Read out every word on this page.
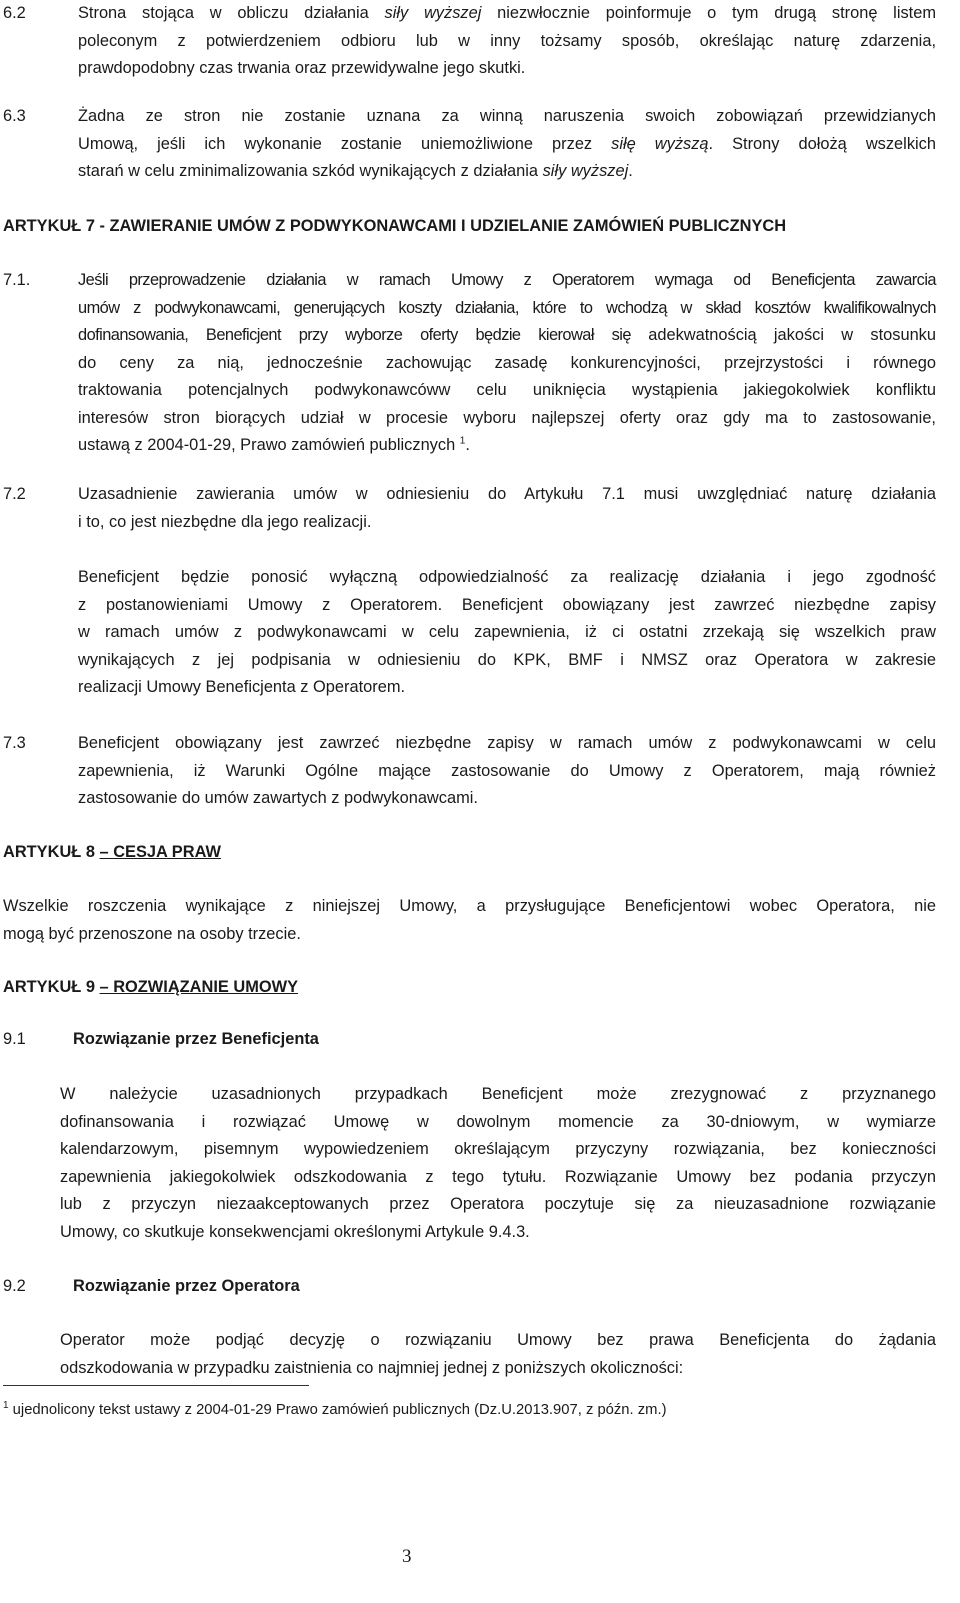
6.2	Strona stojąca w obliczu działania siły wyższej niezwłocznie poinformuje o tym drugą stronę listem
poleconym z potwierdzeniem odbioru lub w inny tożsamy sposób, określając naturę zdarzenia,
prawdopodobny czas trwania oraz przewidywalne jego skutki.
6.3	Żadna ze stron nie zostanie uznana za winną naruszenia swoich zobowiązań przewidzianych
Umową, jeśli ich wykonanie zostanie uniemożliwione przez siłę wyższą. Strony dołożą wszelkich
starań w celu zminimalizowania szkód wynikających z działania siły wyższej.
ARTYKUŁ 7 - ZAWIERANIE UMÓW Z PODWYKONAWCAMI I UDZIELANIE ZAMÓWIEŃ PUBLICZNYCH
7.1.	Jeśli przeprowadzenie działania w ramach Umowy z Operatorem wymaga od Beneficjenta zawarcia
umów z podwykonawcami, generujących koszty działania, które to wchodzą w skład kosztów kwalifikowalnych
dofinansowania, Beneficjent przy wyborze oferty będzie kierował się adekwatnością jakości w stosunku
do ceny za nią, jednocześnie zachowując zasadę konkurencyjności, przejrzystości i równego
traktowania potencjalnych podwykonawcóww celu uniknięcia wystąpienia jakiegokolwiek konfliktu
interesów stron biorących udział w procesie wyboru najlepszej oferty oraz gdy ma to zastosowanie,
ustawą z 2004-01-29, Prawo zamówień publicznych $^1$.
7.2	Uzasadnienie zawierania umów w odniesieniu do Artykułu 7.1 musi uwzględniać naturę działania
i to, co jest niezbędne dla jego realizacji.
Beneficjent będzie ponosić wyłączną odpowiedzialność za realizację działania i jego zgodność
z postanowieniami Umowy z Operatorem. Beneficjent obowiązany jest zawrzeć niezbędne zapisy
w ramach umów z podwykonawcami w celu zapewnienia, iż ci ostatni zrzekają się wszelkich praw
wynikających z jej podpisania w odniesieniu do KPK, BMF i NMSZ oraz Operatora w zakresie
realizacji Umowy Beneficjenta z Operatorem.
7.3	Beneficjent obowiązany jest zawrzeć niezbędne zapisy w ramach umów z podwykonawcami w celu
zapewnienia, iż Warunki Ogólne mające zastosowanie do Umowy z Operatorem, mają również
zastosowanie do umów zawartych z podwykonawcami.
ARTYKUŁ 8 – CESJA PRAW
Wszelkie roszczenia wynikające z niniejszej Umowy, a przysługujące Beneficjentowi wobec Operatora, nie
mogą być przenoszone na osoby trzecie.
ARTYKUŁ 9 – ROZWIĄZANIE UMOWY
9.1	Rozwiązanie przez Beneficjenta
W należycie uzasadnionych przypadkach Beneficjent może zrezygnować z przyznanego
dofinansowania i rozwiązać Umowę w dowolnym momencie za 30-dniowym, w wymiarze
kalendarzowym, pisemnym wypowiedzeniem określającym przyczyny rozwiązania, bez konieczności
zapewnienia jakiegokolwiek odszkodowania z tego tytułu. Rozwiązanie Umowy bez podania przyczyn
lub z przyczyn niezaakceptowanych przez Operatora poczytuje się za nieuzasadnione rozwiązanie
Umowy, co skutkuje konsekwencjami określonymi Artykule 9.4.3.
9.2	Rozwiązanie przez Operatora
Operator może podjąć decyzję o rozwiązaniu Umowy bez prawa Beneficjenta do żądania
odszkodowania w przypadku zaistnienia co najmniej jednej z poniższych okoliczności:
$^1$ ujednolicony tekst ustawy z 2004-01-29 Prawo zamówień publicznych (Dz.U.2013.907, z późn. zm.)
3
